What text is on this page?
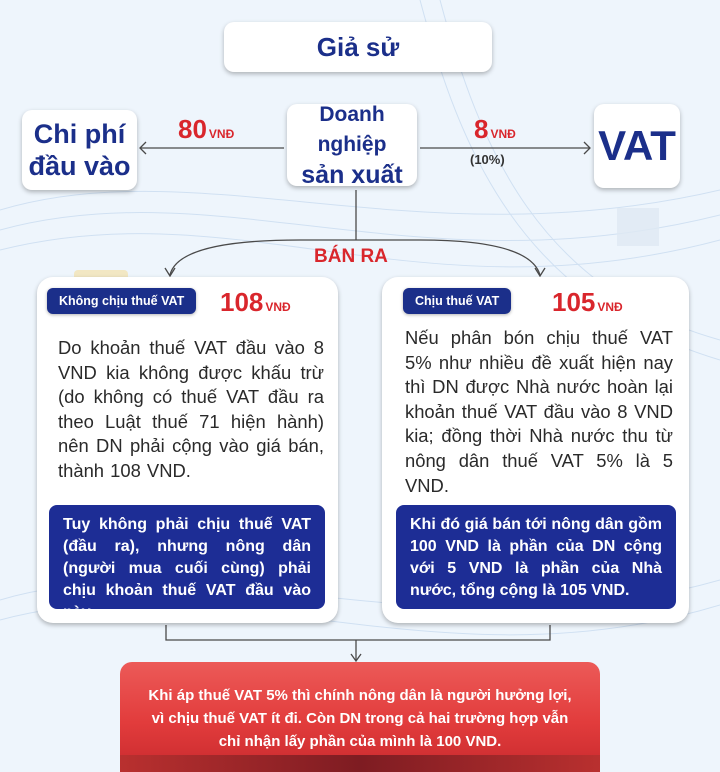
Giả sử
Chi phí
đầu vào
80 VNĐ
Doanh nghiệp
sản xuất
8 VNĐ
(10%) VAT
BÁN RA
Không chịu thuế VAT	108 VNĐ
Do khoản thuế VAT đầu vào 8 VND kia không được khấu trừ (do không có thuế VAT đầu ra theo Luật thuế 71 hiện hành) nên DN phải cộng vào giá bán, thành 108 VND.
Tuy không phải chịu thuế VAT (đầu ra), nhưng nông dân (người mua cuối cùng) phải chịu khoản thuế VAT đầu vào này.
Chịu thuế VAT	105 VNĐ
Nếu phân bón chịu thuế VAT 5% như nhiều đề xuất hiện nay thì DN được Nhà nước hoàn lại khoản thuế VAT đầu vào 8 VND kia; đồng thời Nhà nước thu từ nông dân thuế VAT 5% là 5 VND.
Khi đó giá bán tới nông dân gồm 100 VND là phần của DN cộng với 5 VND là phần của Nhà nước, tổng cộng là 105 VND.
Khi áp thuế VAT 5% thì chính nông dân là người hưởng lợi, vì chịu thuế VAT ít đi. Còn DN trong cả hai trường hợp vẫn chỉ nhận lấy phần của mình là 100 VND.
